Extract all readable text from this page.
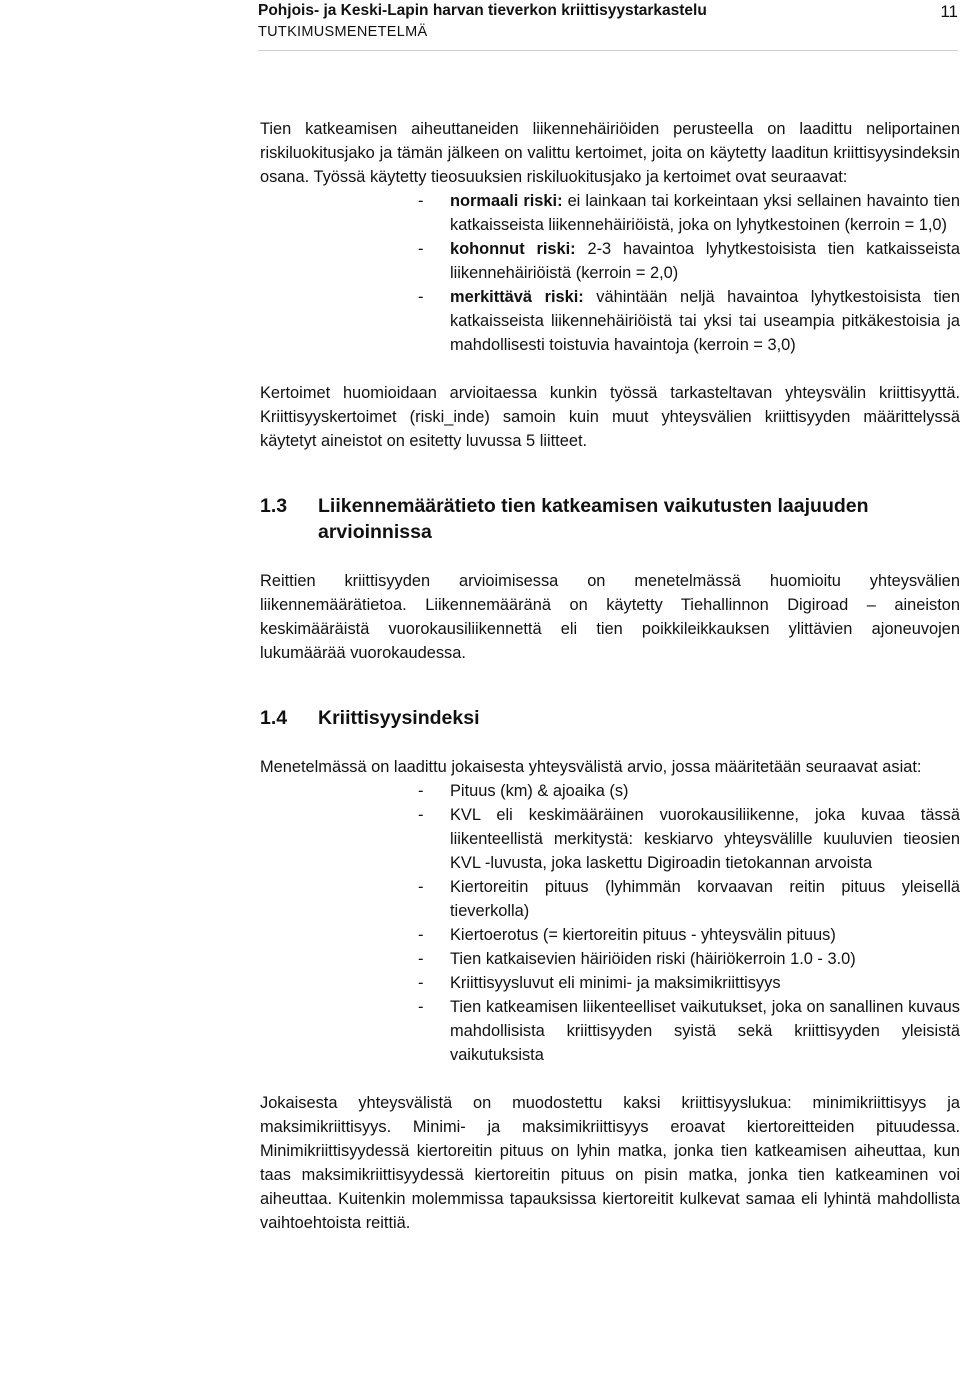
Pohjois- ja Keski-Lapin harvan tieverkon kriittisyystarkastelu
TUTKIMUSMENETELMÄ
11

Tien katkeamisen aiheuttaneiden liikennehäiriöiden perusteella on laadittu neliportainen riskiluokitusjako ja tämän jälkeen on valittu kertoimet, joita on käytetty laaditun kriittisyysindeksin osana. Työssä käytetty tieosuuksien riskiluokitusjako ja kertoimet ovat seuraavat:

- normaali riski: ei lainkaan tai korkeintaan yksi sellainen havainto tien katkaisseista liikennehäiriöistä, joka on lyhytkestoinen (kerroin = 1,0)
- kohonnut riski: 2-3 havaintoa lyhytkestoisista tien katkaisseista liikennehäiriöistä (kerroin = 2,0)
- merkittävä riski: vähintään neljä havaintoa lyhytkestoisista tien katkaisseista liikennehäiriöistä tai yksi tai useampia pitkäkestoisia ja mahdollisesti toistuvia havaintoja (kerroin = 3,0)

Kertoimet huomioidaan arvioitaessa kunkin työssä tarkasteltavan yhteysvälin kriittisyyttä. Kriittisyyskertoimet (riski_inde) samoin kuin muut yhteysvälien kriittisyyden määrittelyssä käytetyt aineistot on esitetty luvussa 5 liitteet.

1.3 Liikennemäärätieto tien katkeamisen vaikutusten laajuuden arvioinnissa

Reittien kriittisyyden arvioimisessa on menetelmässä huomioitu yhteysvälien liikennemäärätietoa. Liikennemääränä on käytetty Tiehallinnon Digiroad – aineiston keskimääräistä vuorokausiliikennettä eli tien poikkileikkauksen ylittävien ajoneuvojen lukumäärää vuorokaudessa.

1.4 Kriittisyysindeksi

Menetelmässä on laadittu jokaisesta yhteysvälistä arvio, jossa määritetään seuraavat asiat:

- Pituus (km) & ajoaika (s)
- KVL eli keskimääräinen vuorokausiliikenne, joka kuvaa tässä liikenteellistä merkitystä: keskiarvo yhteysvälille kuuluvien tieosien KVL -luvusta, joka laskettu Digiroadin tietokannan arvoista
- Kiertoreitin pituus (lyhimmän korvaavan reitin pituus yleisellä tieverkolla)
- Kiertoerotus (= kiertoreitin pituus - yhteysvälin pituus)
- Tien katkaisevien häiriöiden riski (häiriökerroin 1.0 - 3.0)
- Kriittisyysluvut eli minimi- ja maksimikriittisyys
- Tien katkeamisen liikenteelliset vaikutukset, joka on sanallinen kuvaus mahdollisista kriittisyyden syistä sekä kriittisyyden yleisistä vaikutuksista

Jokaisesta yhteysvälistä on muodostettu kaksi kriittisyyslukua: minimikriittisyys ja maksimikriittisyys. Minimi- ja maksimikriittisyys eroavat kiertoreitteiden pituudessa. Minimikriittisyydessä kiertoreitin pituus on lyhin matka, jonka tien katkeamisen aiheuttaa, kun taas maksimikriittisyydessä kiertoreitin pituus on pisin matka, jonka tien katkeaminen voi aiheuttaa. Kuitenkin molemmissa tapauksissa kiertoreitit kulkevat samaa eli lyhintä mahdollista vaihtoehtoista reittiä.
